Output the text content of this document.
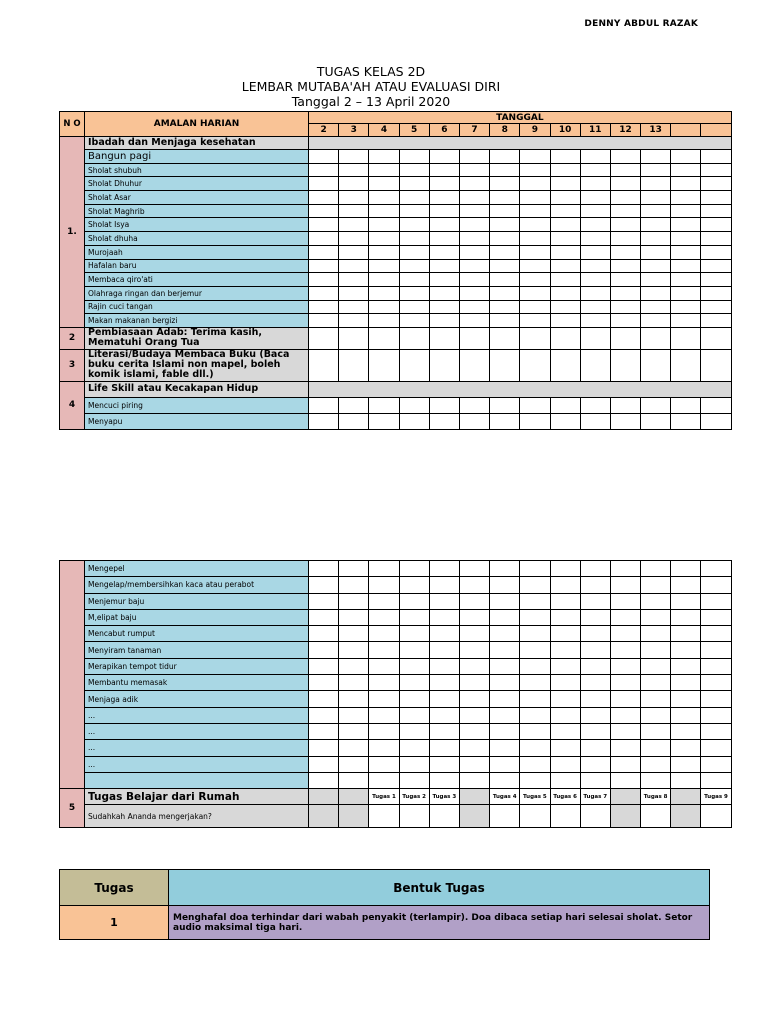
DENNY ABDUL RAZAK
TUGAS KELAS 2D
LEMBAR MUTABA'AH ATAU EVALUASI DIRI
Tanggal 2 – 13 April 2020
N O	AMALAN HARIAN	TANGGAL													
		2	3	4	5	6	7	8	9	10	11	12	13		
1.	Ibadah dan Menjaga kesehatan														
	Bangun pagi														
	Sholat shubuh														
	Sholat Dhuhur														
	Sholat Asar														
	Sholat Maghrib														
	Sholat Isya														
	Sholat dhuha														
	Murojaah														
	Hafalan baru														
	Membaca qiro'ati														
	Olahraga ringan dan berjemur														
	Rajin cuci tangan														
	Makan makanan bergizi														
2	Pembiasaan Adab: Terima kasih, Mematuhi Orang Tua														
3	Literasi/Budaya Membaca Buku (Baca buku cerita Islami non mapel, boleh komik islami, fable dll.)														
4	Life Skill atau Kecakapan Hidup														
	Mencuci piring														
	Menyapu														
	Mengepel														
	Mengelap/membersihkan kaca atau perabot														
	Menjemur baju														
	M,elipat baju														
	Mencabut rumput														
	Menyiram tanaman														
	Merapikan tempot tidur														
	Membantu memasak														
	Menjaga adik														
	...														
	...														
	...														
	...														

5	Tugas Belajar dari Rumah			Tugas 1	Tugas 2	Tugas 3		Tugas 4	Tugas 5	Tugas 6	Tugas 7		Tugas 8		Tugas 9
	Sudahkah Ananda mengerjakan?														
Tugas	Bentuk Tugas
1	Menghafal doa terhindar dari wabah penyakit (terlampir). Doa dibaca setiap hari selesai sholat. Setor audio maksimal tiga hari.
